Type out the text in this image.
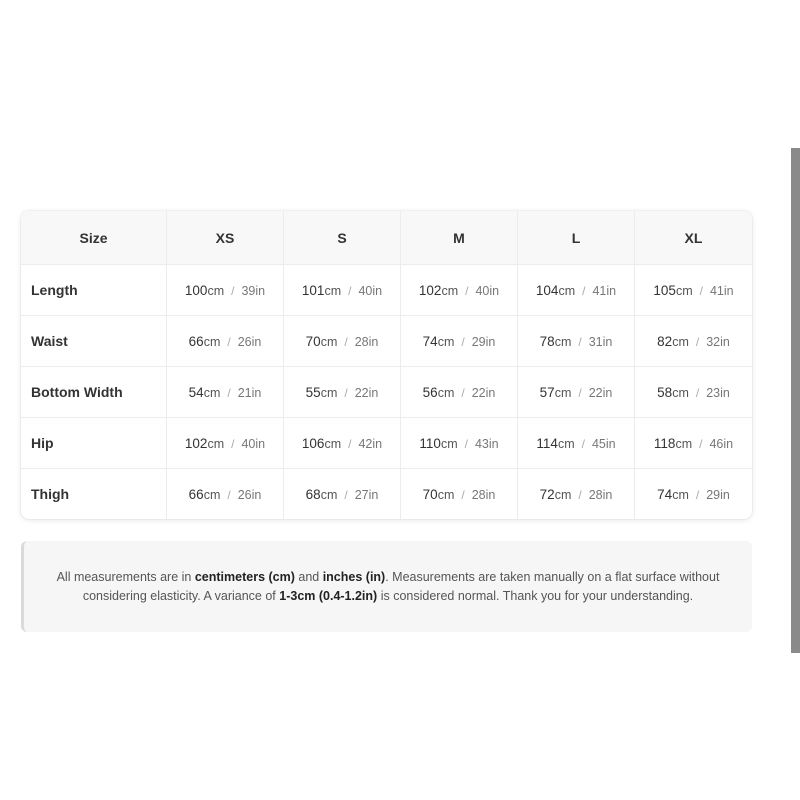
Size	XS	S	M	L	XL
Length	100cm / 39in	101cm / 40in	102cm / 40in	104cm / 41in	105cm / 41in
Waist	66cm / 26in	70cm / 28in	74cm / 29in	78cm / 31in	82cm / 32in
Bottom Width	54cm / 21in	55cm / 22in	56cm / 22in	57cm / 22in	58cm / 23in
Hip	102cm / 40in	106cm / 42in	110cm / 43in	114cm / 45in	118cm / 46in
Thigh	66cm / 26in	68cm / 27in	70cm / 28in	72cm / 28in	74cm / 29in
All measurements are in centimeters (cm) and inches (in). Measurements are taken manually on a flat surface without considering elasticity. A variance of 1-3cm (0.4-1.2in) is considered normal. Thank you for your understanding.
